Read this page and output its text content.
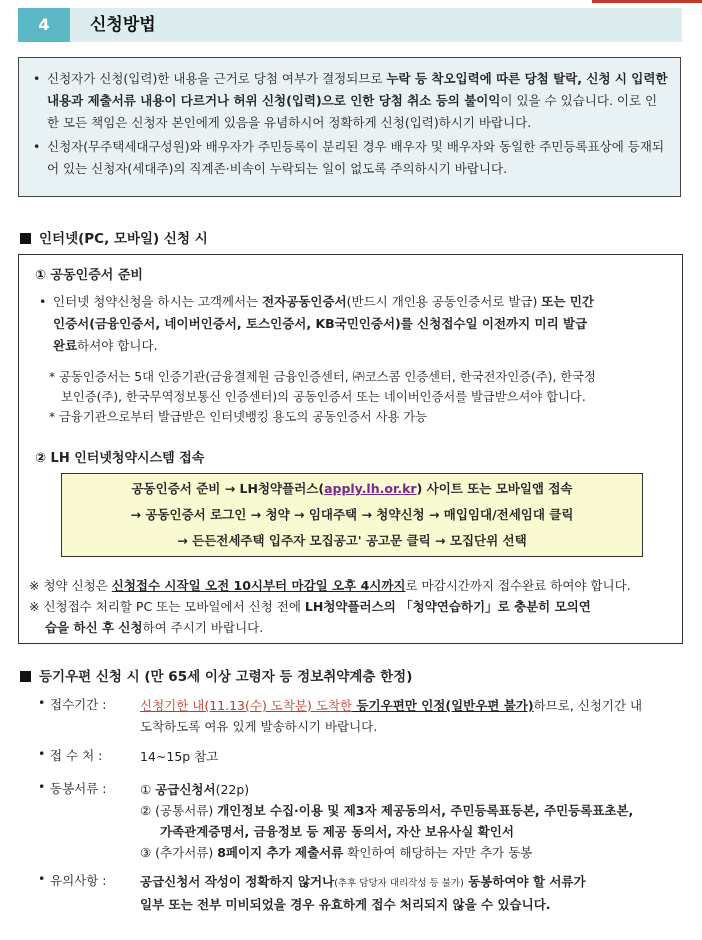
4	신청방법

• 신청자가 신청(입력)한 내용을 근거로 당첨 여부가 결정되므로 누락 등 착오입력에 따른 당첨 탈락, 신청 시 입력한 내용과 제출서류 내용이 다르거나 허위 신청(입력)으로 인한 당첨 취소 등의 불이익이 있을 수 있습니다. 이로 인한 모든 책임은 신청자 본인에게 있음을 유념하시어 정확하게 신청(입력)하시기 바랍니다.

• 신청자(무주택세대구성원)와 배우자가 주민등록이 분리된 경우 배우자 및 배우자와 동일한 주민등록표상에 등재되어 있는 신청자(세대주)의 직계존·비속이 누락되는 일이 없도록 주의하시기 바랍니다.

인터넷(PC, 모바일) 신청 시
① 공동인증서 준비
• 인터넷 청약신청을 하시는 고객께서는 전자공동인증서(반드시 개인용 공동인증서로 발급) 또는 민간
인증서(금융인증서, 네이버인증서, 토스인증서, KB국민인증서)를 신청접수일 이전까지 미리 발급
완료하셔야 합니다.
* 공동인증서는 5대 인증기관(금융결제원 금융인증센터, ㈜코스콤 인증센터, 한국전자인증(주), 한국정
보인증(주), 한국무역정보통신 인증센터)의 공동인증서 또는 네이버인증서를 발급받으셔야 합니다.
* 금융기관으로부터 발급받은 인터넷뱅킹 용도의 공동인증서 사용 가능
② LH 인터넷청약시스템 접속
공동인증서 준비 → LH청약플러스(apply.lh.or.kr) 사이트 또는 모바일앱 접속
→ 공동인증서 로그인 → 청약 → 임대주택 → 청약신청 → 매입임대/전세임대 클릭
→ 든든전세주택 입주자 모집공고' 공고문 클릭 → 모집단위 선택
※ 청약 신청은 신청접수 시작일 오전 10시부터 마감일 오후 4시까지로 마감시간까지 접수완료 하여야 합니다.
※ 신청접수 처리할 PC 또는 모바일에서 신청 전에 LH청약플러스의 「청약연습하기」로 충분히 모의연
습을 하신 후 신청하여 주시기 바랍니다.
등기우편 신청 시 (만 65세 이상 고령자 등 정보취약계층 한정)
• 접수기간 :	신청기한 내(11.13(수) 도착분) 도착한 등기우편만 인정(일반우편 불가)하므로, 신청기간 내
도착하도록 여유 있게 발송하시기 바랍니다.
• 접 수 처 :	14~15p 참고
• 동봉서류 :	① 공급신청서(22p)
② (공통서류) 개인정보 수집·이용 및 제3자 제공동의서, 주민등록표등본, 주민등록표초본,
가족관계증명서, 금융정보 등 제공 동의서, 자산 보유사실 확인서
③ (추가서류) 8페이지 추가 제출서류 확인하여 해당하는 자만 추가 동봉
• 유의사항 :	공급신청서 작성이 정확하지 않거나(추후 담당자 대리작성 등 불가) 동봉하여야 할 서류가
일부 또는 전부 미비되었을 경우 유효하게 접수 처리되지 않을 수 있습니다.
